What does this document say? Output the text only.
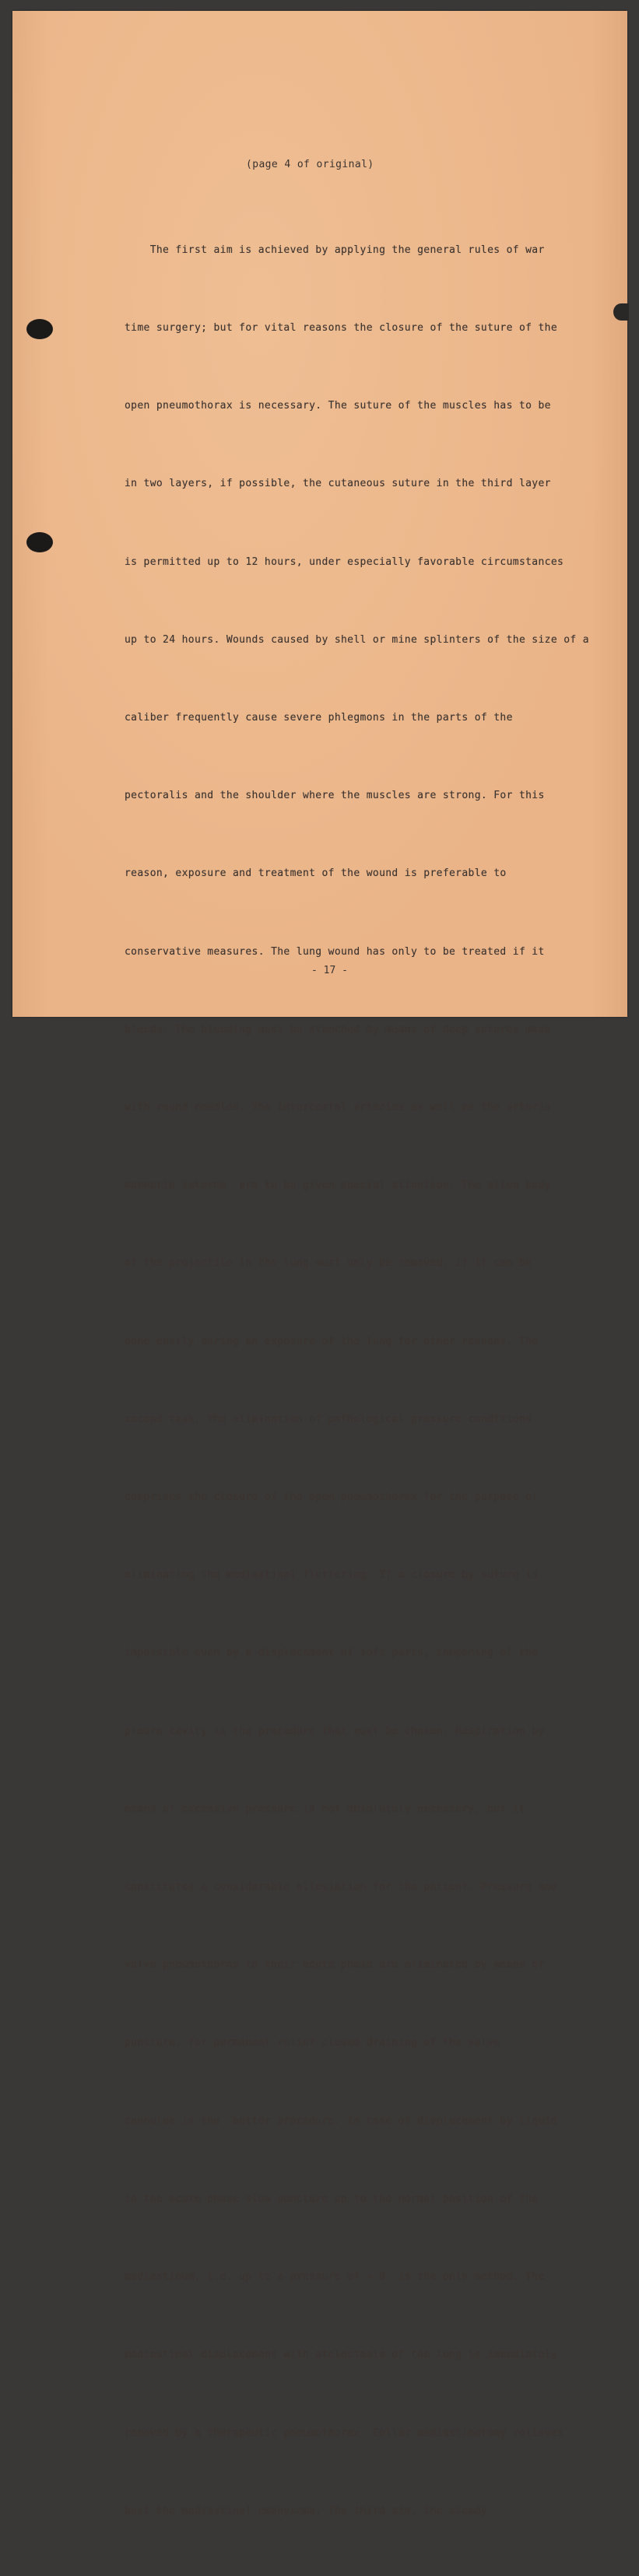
(page 4 of original)

The first aim is achieved by applying the general rules of war

time surgery; but for vital reasons the closure of the suture of the

open pneumothorax is necessary. The suture of the muscles has to be

in two layers, if possible, the cutaneous suture in the third layer

is permitted up to 12 hours, under especially favorable circumstances

up to 24 hours. Wounds caused by shell or mine splinters of the size of a

caliber frequently cause severe phlegmons in the parts of the

pectoralis and the shoulder where the muscles are strong. For this

reason, exposure and treatment of the wound is preferable to

conservative measures. The lung wound has only to be treated if it

bleeds. The bleeding must be stanched by means of deep sutures made

with round needles. The intercostal arteries as well as the arteria

mammaria interna  are to be given special attention. The alien body

of the projectile in the lung must only be removed, if it can be

done easily during an exposure of the lung for other reasons. The

second task, the elimination of pathological pressure conditions

comprises the closure of the open pneumothorax for the purpose of

eliminating the mediastinal fluttering. If a closure by suture is

impossible even by a displacement of soft parts, tamponing of the

pleura cavity is the procedure that must be chosen. Respiration by

means of excessive pressure is not absolutely necessary, but it

constitutes a considerable alleviation for the patient. Pressure and

valve pneumothorax in their acute phase are eliminated by means of

puncture, for permanent relief closed draining of the valve

cannulae is the  better procedure. In case of displacement by liquid

in the acute phase slow puncture up to the normal position of the

mediastinum, i.e. up to a pressure of + 0  is the only method. The

mediastinal displacement with atelectasis of the lung is immediately

removed by a therapeutic pneumothorax. Collar mediastinotomy relieves

best the mediastinal emphysema. The third aim, the steady

- 17 -
